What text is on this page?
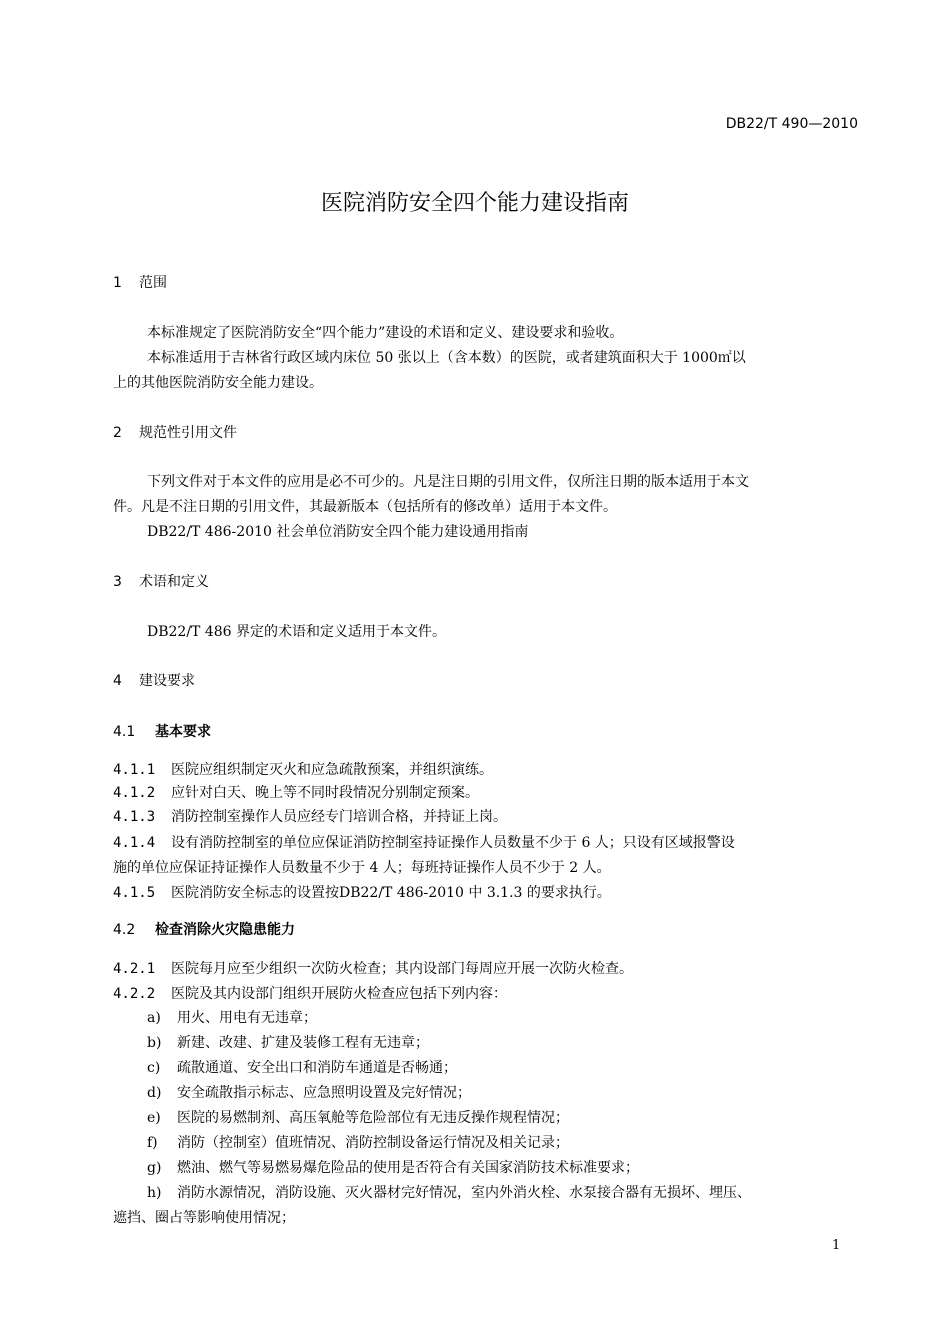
DB22/T 490—2010
医院消防安全四个能力建设指南
1 范围
本标准规定了医院消防安全“四个能力”建设的术语和定义、建设要求和验收。
本标准适用于吉林省行政区域内床位 50 张以上（含本数）的医院，或者建筑面积大于 1000㎡以
上的其他医院消防安全能力建设。
2 规范性引用文件
下列文件对于本文件的应用是必不可少的。凡是注日期的引用文件，仅所注日期的版本适用于本文
件。凡是不注日期的引用文件，其最新版本（包括所有的修改单）适用于本文件。
DB22/T 486-2010 社会单位消防安全四个能力建设通用指南
3 术语和定义
DB22/T 486 界定的术语和定义适用于本文件。
4 建设要求
4.1 基本要求
4.1.1 医院应组织制定灭火和应急疏散预案，并组织演练。
4.1.2 应针对白天、晚上等不同时段情况分别制定预案。
4.1.3 消防控制室操作人员应经专门培训合格，并持证上岗。
4.1.4 设有消防控制室的单位应保证消防控制室持证操作人员数量不少于 6 人；只设有区域报警设
施的单位应保证持证操作人员数量不少于 4 人；每班持证操作人员不少于 2 人。
4.1.5 医院消防安全标志的设置按DB22/T 486-2010 中 3.1.3 的要求执行。
4.2 检查消除火灾隐患能力
4.2.1 医院每月应至少组织一次防火检查；其内设部门每周应开展一次防火检查。
4.2.2 医院及其内设部门组织开展防火检查应包括下列内容：
a) 用火、用电有无违章；
b) 新建、改建、扩建及装修工程有无违章；
c) 疏散通道、安全出口和消防车通道是否畅通；
d) 安全疏散指示标志、应急照明设置及完好情况；
e) 医院的易燃制剂、高压氧舱等危险部位有无违反操作规程情况；
f) 消防（控制室）值班情况、消防控制设备运行情况及相关记录；
g) 燃油、燃气等易燃易爆危险品的使用是否符合有关国家消防技术标准要求；
h) 消防水源情况，消防设施、灭火器材完好情况，室内外消火栓、水泵接合器有无损坏、埋压、
遮挡、圈占等影响使用情况；
1
